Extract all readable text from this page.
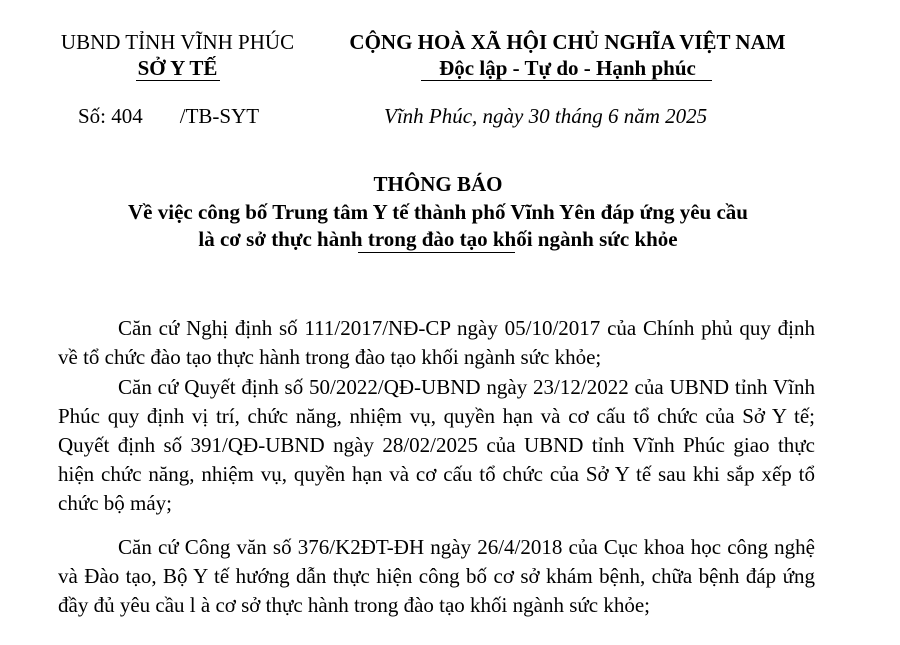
UBND TỈNH VĨNH PHÚC
SỞ Y TẾ
CỘNG HOÀ XÃ HỘI CHỦ NGHĨA VIỆT NAM
Độc lập - Tự do - Hạnh phúc
Số: 404 /TB-SYT	Vĩnh Phúc, ngày 30 tháng 6 năm 2025
THÔNG BÁO
Về việc công bố Trung tâm Y tế thành phố Vĩnh Yên đáp ứng yêu cầu
là cơ sở thực hành trong đào tạo khối ngành sức khỏe
Căn cứ Nghị định số 111/2017/NĐ-CP ngày 05/10/2017 của Chính phủ quy định về tổ chức đào tạo thực hành trong đào tạo khối ngành sức khỏe;
Căn cứ Quyết định số 50/2022/QĐ-UBND ngày 23/12/2022 của UBND tỉnh Vĩnh Phúc quy định vị trí, chức năng, nhiệm vụ, quyền hạn và cơ cấu tổ chức của Sở Y tế; Quyết định số 391/QĐ-UBND ngày 28/02/2025 của UBND tỉnh Vĩnh Phúc giao thực hiện chức năng, nhiệm vụ, quyền hạn và cơ cấu tổ chức của Sở Y tế sau khi sắp xếp tổ chức bộ máy;
Căn cứ Công văn số 376/K2ĐT-ĐH ngày 26/4/2018 của Cục khoa học công nghệ và Đào tạo, Bộ Y tế hướng dẫn thực hiện công bố cơ sở khám bệnh, chữa bệnh đáp ứng đầy đủ yêu cầu l à cơ sở thực hành trong đào tạo khối ngành sức khỏe;
